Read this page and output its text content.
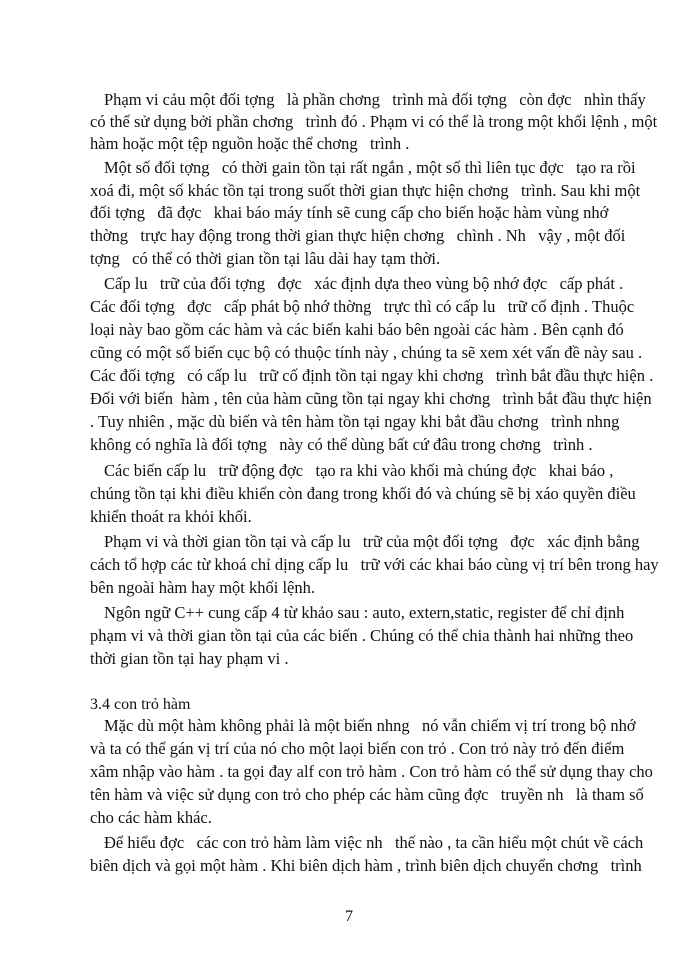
Phạm vi cảu một đối tợng   là phần chơng   trình mà đối tợng   còn đợc   nhìn thấy
có thể sử dụng bởi phần chơng   trình đó . Phạm vi có thể là trong một khối lệnh , một
hàm hoặc một tệp nguồn hoặc thể chơng   trình .
Một số đối tợng   có thời gain tồn tại rất ngắn , một số thì liên tục đợc   tạo ra rồi
xoá đi, một số khác tồn tại trong suốt thời gian thực hiện chơng   trình. Sau khi một
đối tợng   đã đợc   khai báo máy tính sẽ cung cấp cho biến hoặc hàm vùng nhớ
thờng   trực hay động trong thời gian thực hiện chơng   chình . Nh   vậy , một đối
tợng   có thể có thời gian tồn tại lâu dài hay tạm thời.
Cấp lu   trữ của đối tợng   đợc   xác định dựa theo vùng bộ nhớ đợc   cấp phát .
Các đối tợng   đợc   cấp phát bộ nhớ thờng   trực thì có cấp lu   trữ cố định . Thuộc
loại này bao gồm các hàm và các biến kahi báo bên ngoài các hàm . Bên cạnh đó
cũng có một số biến cục bộ có thuộc tính này , chúng ta sẽ xem xét vấn đề này sau .
Các đối tợng   có cấp lu   trữ cố định tồn tại ngay khi chơng   trình bắt đầu thực hiện .
Đối với biến  hàm , tên của hàm cũng tồn tại ngay khi chơng   trình bắt đầu thực hiện
. Tuy nhiên , mặc dù biến và tên hàm tồn tại ngay khi bắt đầu chơng   trình nhng
không có nghĩa là đối tợng   này có thể dùng bất cứ đâu trong chơng   trình .
Các biến cấp lu   trữ động đợc   tạo ra khi vào khối mà chúng đợc   khai báo ,
chúng tồn tại khi điều khiển còn đang trong khối đó và chúng sẽ bị xáo quyền điều
khiển thoát ra khỏi khối.
Phạm vi và thời gian tồn tại và cấp lu   trữ của một đối tợng   đợc   xác định bằng
cách tổ hợp các từ khoá chỉ dịng cấp lu   trữ với các khai báo cùng vị trí bên trong hay
bên ngoài hàm hay một khối lệnh.
Ngôn ngữ C++ cung cấp 4 từ khảo sau : auto, extern,static, register để chỉ định
phạm vi và thời gian tồn tại của các biến . Chúng có thể chia thành hai những theo
thời gian tồn tại hay phạm vi .
3.4 con trỏ hàm
Mặc dù một hàm không phải là một biến nhng   nó vẫn chiếm vị trí trong bộ nhớ
và ta có thể gán vị trí của nó cho một laọi biến con trỏ . Con trỏ này trỏ đến điểm
xâm nhập vào hàm . ta gọi đay alf con trỏ hàm . Con trỏ hàm có thể sử dụng thay cho
tên hàm và việc sử dụng con trỏ cho phép các hàm cũng đợc   truyền nh   là tham số
cho các hàm khác.
Để hiểu đợc   các con trỏ hàm làm việc nh   thế nào , ta cần hiểu một chút về cách
biên dịch và gọi một hàm . Khi biên dịch hàm , trình biên dịch chuyển chơng   trình
7
